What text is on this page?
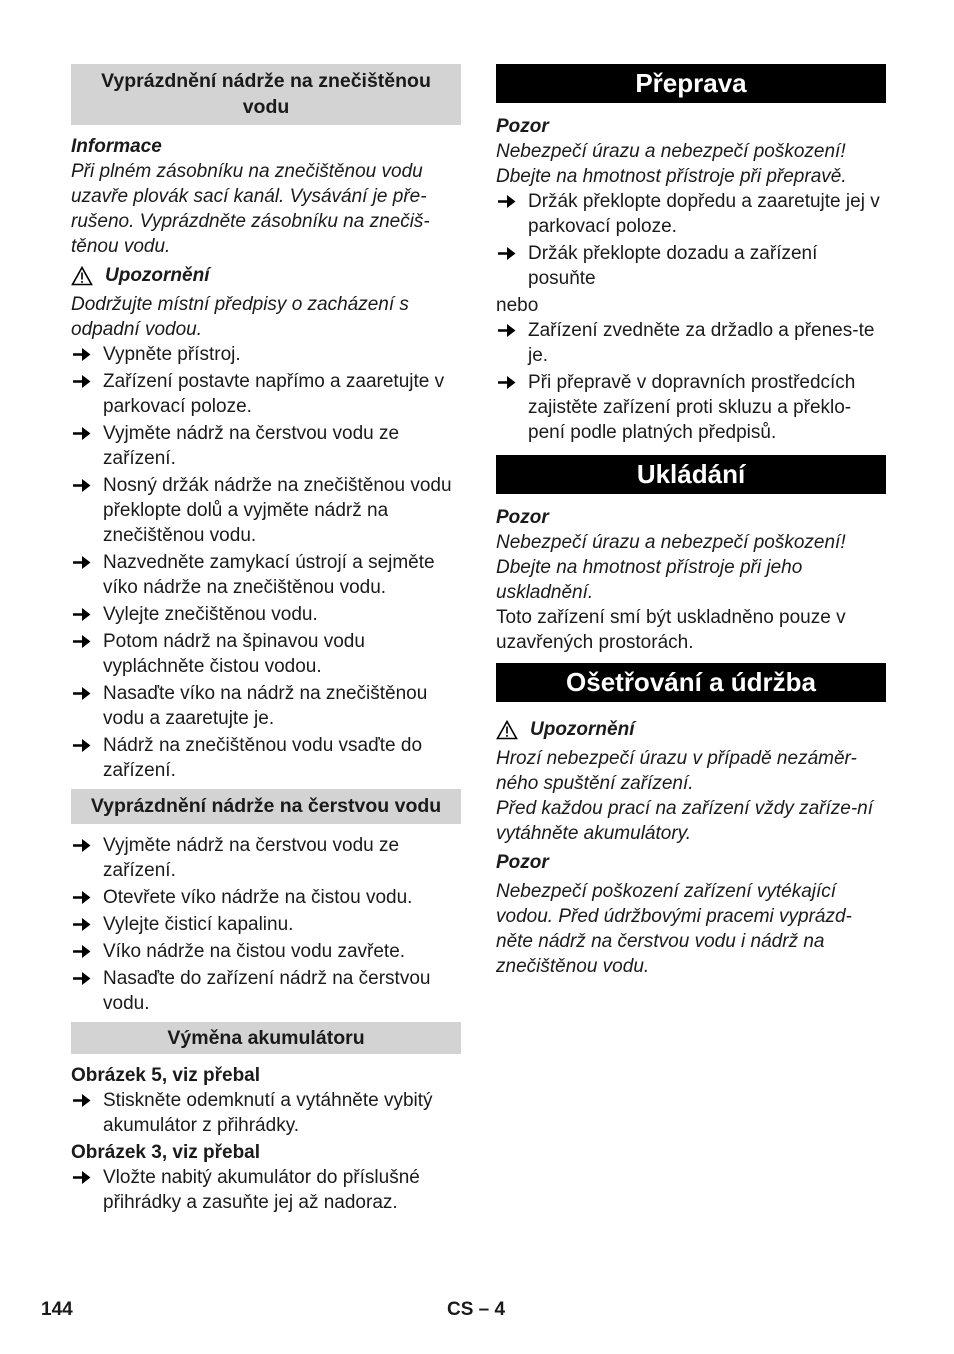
Vyprázdnění nádrže na znečištěnou vodu

Informace

Při plném zásobníku na znečištěnou vodu uzavře plovák sací kanál. Vysávání je pře-rušeno. Vyprázdněte zásobníku na znečiš-těnou vodu.

Upozornění

Dodržujte místní předpisy o zacházení s odpadní vodou.

Vypněte přístroj.
Zařízení postavte napřímo a zaaretujte v parkovací poloze.
Vyjměte nádrž na čerstvou vodu ze zařízení.
Nosný držák nádrže na znečištěnou vodu překlopte dolů a vyjměte nádrž na znečištěnou vodu.
Nazvedněte zamykací ústrojí a sejměte víko nádrže na znečištěnou vodu.
Vylejte znečištěnou vodu.
Potom nádrž na špinavou vodu vypláchněte čistou vodou.
Nasaďte víko na nádrž na znečištěnou vodu a zaaretujte je.
Nádrž na znečištěnou vodu vsaďte do zařízení.
Vyprázdnění nádrže na čerstvou vodu
Vyjměte nádrž na čerstvou vodu ze zařízení.
Otevřete víko nádrže na čistou vodu.
Vylejte čisticí kapalinu.
Víko nádrže na čistou vodu zavřete.
Nasaďte do zařízení nádrž na čerstvou vodu.
Výměna akumulátoru

Obrázek 5, viz přebal

Stiskněte odemknutí a vytáhněte vybitý akumulátor z přihrádky.

Obrázek 3, viz přebal

Vložte nabitý akumulátor do příslušné přihrádky a zasuňte jej až nadoraz.
Přeprava

Pozor

Nebezpečí úrazu a nebezpečí poškození! Dbejte na hmotnost přístroje při přepravě.

Držák překlopte dopředu a zaaretujte jej v parkovací poloze.
Držák překlopte dozadu a zařízení posuňte

nebo

Zařízení zvedněte za držadlo a přenes-te je.
Při přepravě v dopravních prostředcích zajistěte zařízení proti skluzu a překlo-pení podle platných předpisů.
Ukládání

Pozor

Nebezpečí úrazu a nebezpečí poškození! Dbejte na hmotnost přístroje při jeho uskladnění.

Toto zařízení smí být uskladněno pouze v uzavřených prostorách.

Ošetřování a údržba
Upozornění

Hrozí nebezpečí úrazu v případě nezáměr-ného spuštění zařízení.

Před každou prací na zařízení vždy zaříze-ní vytáhněte akumulátory.

Pozor

Nebezpečí poškození zařízení vytékající vodou. Před údržbovými pracemi vyprázd-něte nádrž na čerstvou vodu i nádrž na znečištěnou vodu.

144	CS – 4
